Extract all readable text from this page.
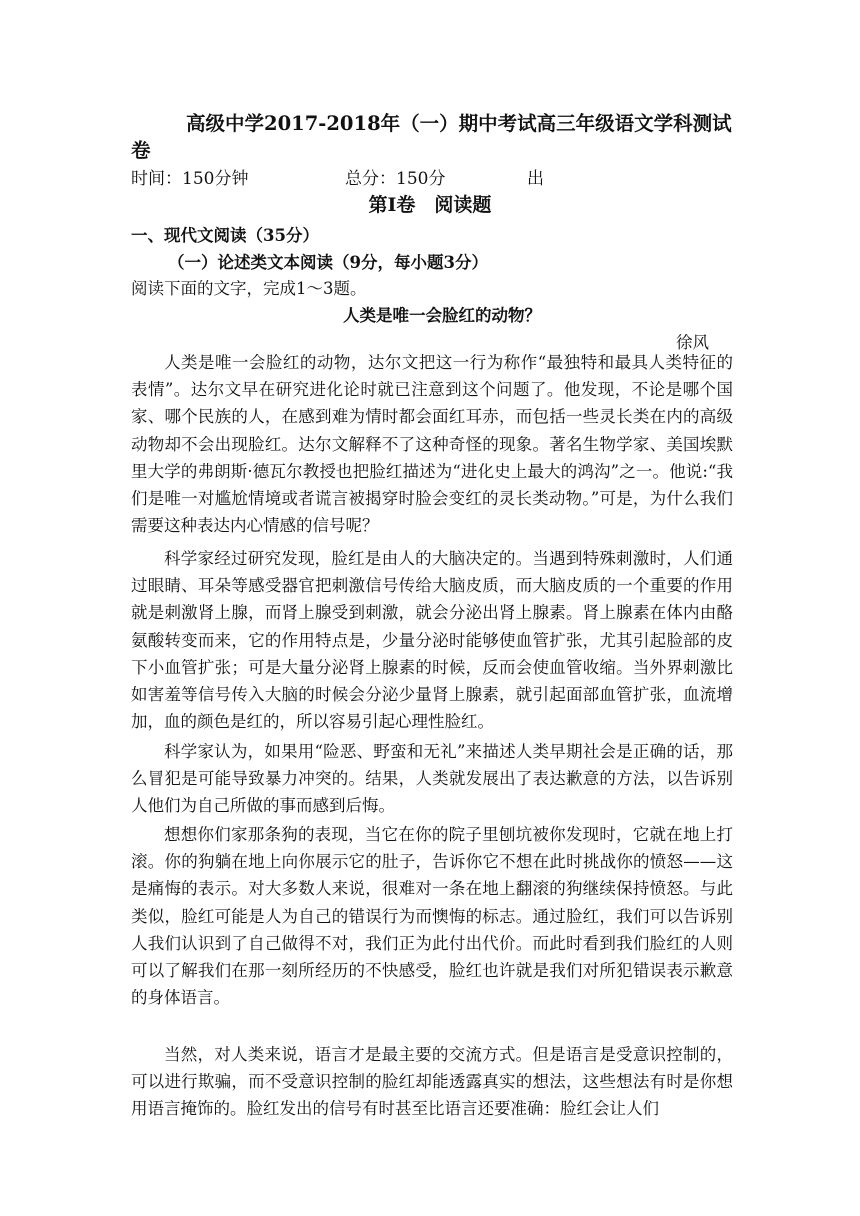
高级中学2017-2018年（一）期中考试高三年级语文学科测试
卷
时间：150分钟	总分：150分	出
第Ⅰ卷　阅读题
一、现代文阅读（35分）
（一）论述类文本阅读（9分，每小题3分）
阅读下面的文字，完成1～3题。
人类是唯一会脸红的动物？
徐风

人类是唯一会脸红的动物，达尔文把这一行为称作“最独特和最具人类特征的表情”。达尔文早在研究进化论时就已注意到这个问题了。他发现，不论是哪个国家、哪个民族的人，在感到难为情时都会面红耳赤，而包括一些灵长类在内的高级动物却不会出现脸红。达尔文解释不了这种奇怪的现象。著名生物学家、美国埃默里大学的弗朗斯·德瓦尔教授也把脸红描述为“进化史上最大的鸿沟”之一。他说:“我们是唯一对尴尬情境或者谎言被揭穿时脸会变红的灵长类动物。”可是，为什么我们需要这种表达内心情感的信号呢？

科学家经过研究发现，脸红是由人的大脑决定的。当遇到特殊刺激时，人们通过眼睛、耳朵等感受器官把刺激信号传给大脑皮质，而大脑皮质的一个重要的作用就是刺激肾上腺，而肾上腺受到刺激，就会分泌出肾上腺素。肾上腺素在体内由酪氨酸转变而来，它的作用特点是，少量分泌时能够使血管扩张，尤其引起脸部的皮下小血管扩张；可是大量分泌肾上腺素的时候，反而会使血管收缩。当外界刺激比如害羞等信号传入大脑的时候会分泌少量肾上腺素，就引起面部血管扩张，血流增加，血的颜色是红的，所以容易引起心理性脸红。

科学家认为，如果用“险恶、野蛮和无礼”来描述人类早期社会是正确的话，那么冒犯是可能导致暴力冲突的。结果，人类就发展出了表达歉意的方法，以告诉别人他们为自己所做的事而感到后悔。

想想你们家那条狗的表现，当它在你的院子里刨坑被你发现时，它就在地上打滚。你的狗躺在地上向你展示它的肚子，告诉你它不想在此时挑战你的愤怒——这是痛悔的表示。对大多数人来说，很难对一条在地上翻滚的狗继续保持愤怒。与此类似，脸红可能是人为自己的错误行为而懊悔的标志。通过脸红，我们可以告诉别人我们认识到了自己做得不对，我们正为此付出代价。而此时看到我们脸红的人则可以了解我们在那一刻所经历的不快感受，脸红也许就是我们对所犯错误表示歉意的身体语言。

当然，对人类来说，语言才是最主要的交流方式。但是语言是受意识控制的，可以进行欺骗，而不受意识控制的脸红却能透露真实的想法，这些想法有时是你想用语言掩饰的。脸红发出的信号有时甚至比语言还要准确：脸红会让人们
